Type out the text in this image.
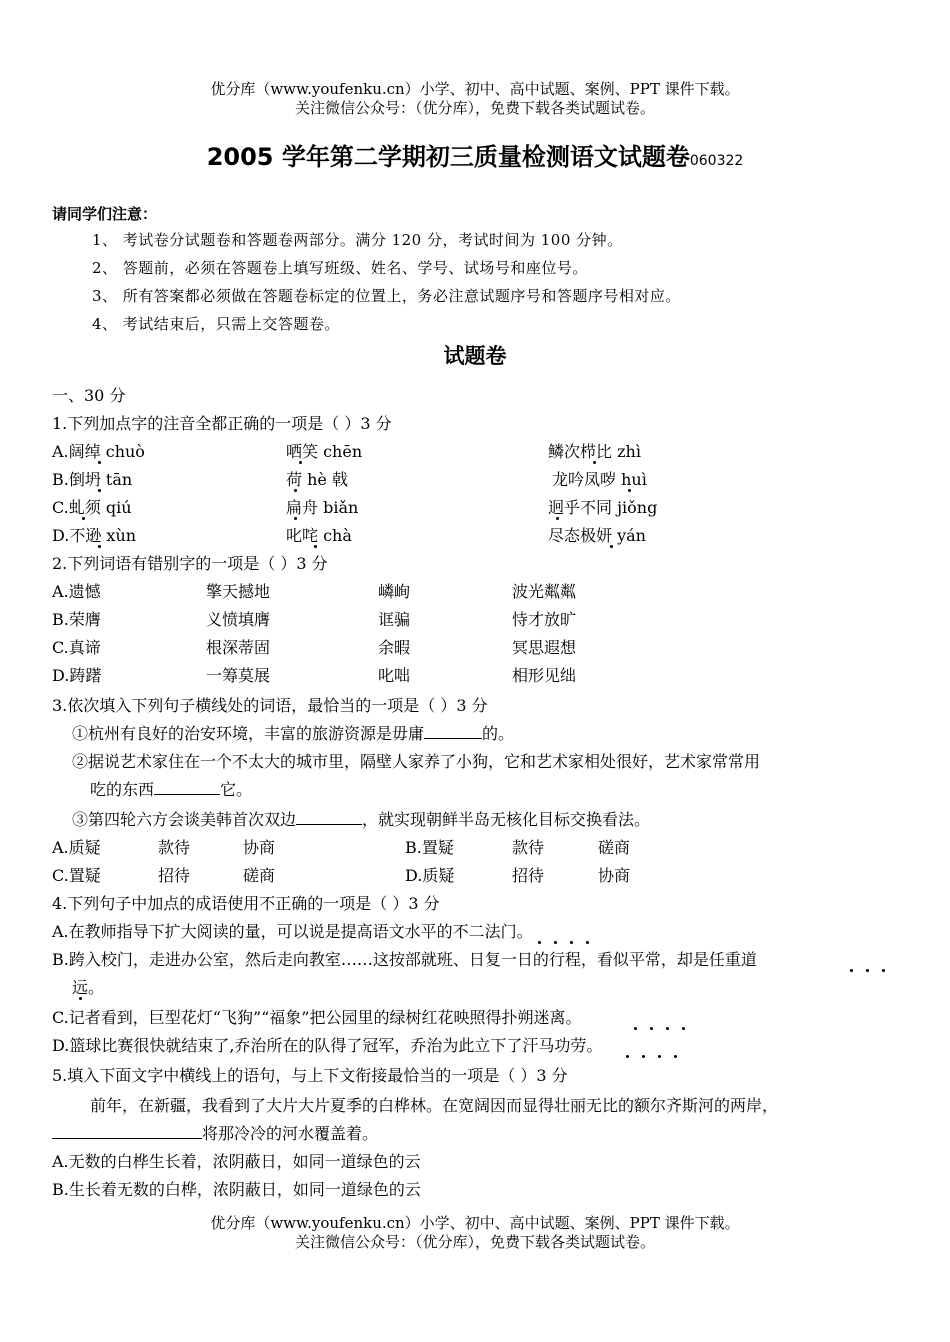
优分库（www.youfenku.cn）小学、初中、高中试题、案例、PPT 课件下载。
关注微信公众号：（优分库），免费下载各类试题试卷。
2005 学年第二学期初三质量检测语文试题卷060322
请同学们注意：
1、 考试卷分试题卷和答题卷两部分。满分 120 分，考试时间为 100 分钟。
2、 答题前，必须在答题卷上填写班级、姓名、学号、试场号和座位号。
3、 所有答案都必须做在答题卷标定的位置上，务必注意试题序号和答题序号相对应。
4、 考试结束后，只需上交答题卷。
试题卷
一、30 分
1.下列加点字的注音全都正确的一项是（ ）3 分
A.阔绰 chuò	哂笑 chēn	鳞次栉比 zhì
B.倒坍 tān	荷 hè 戟	龙吟凤哕 huì
C.虬须 qiú	扁舟 biǎn	迥乎不同 jiǒng
D.不逊 xùn	叱咤 chà	尽态极妍 yán
2.下列词语有错别字的一项是（ ）3 分
A.遗憾	擎天撼地	嶙峋	波光粼粼
B.荣膺	义愤填膺	诓骗	恃才放旷
C.真谛	根深蒂固	余暇	冥思遐想
D.踌躇	一筹莫展	叱咄	相形见绌
3.依次填入下列句子横线处的词语，最恰当的一项是（ ）3 分
①杭州有良好的治安环境，丰富的旅游资源是毋庸	的。
②据说艺术家住在一个不太大的城市里，隔壁人家养了小狗，它和艺术家相处很好，艺术家常常用
吃的东西	它。
③第四轮六方会谈美韩首次双边	，就实现朝鲜半岛无核化目标交换看法。
A.质疑	款待	协商	B.置疑	款待	磋商
C.置疑	招待	磋商	D.质疑	招待	协商
4.下列句子中加点的成语使用不正确的一项是（ ）3 分
A.在教师指导下扩大阅读的量，可以说是提高语文水平的不二法门。
B.跨入校门，走进办公室，然后走向教室……这按部就班、日复一日的行程，看似平常，却是任重道
远。
C.记者看到，巨型花灯“飞狗”“福象”把公园里的绿树红花映照得扑朔迷离。
D.篮球比赛很快就结束了,乔治所在的队得了冠军，乔治为此立下了汗马功劳。
5.填入下面文字中横线上的语句，与上下文衔接最恰当的一项是（ ）3 分
前年，在新疆，我看到了大片大片夏季的白桦林。在宽阔因而显得壮丽无比的额尔齐斯河的两岸，
将那冷冷的河水覆盖着。
A.无数的白桦生长着，浓阴蔽日，如同一道绿色的云
B.生长着无数的白桦，浓阴蔽日，如同一道绿色的云
优分库（www.youfenku.cn）小学、初中、高中试题、案例、PPT 课件下载。
关注微信公众号：（优分库），免费下载各类试题试卷。
